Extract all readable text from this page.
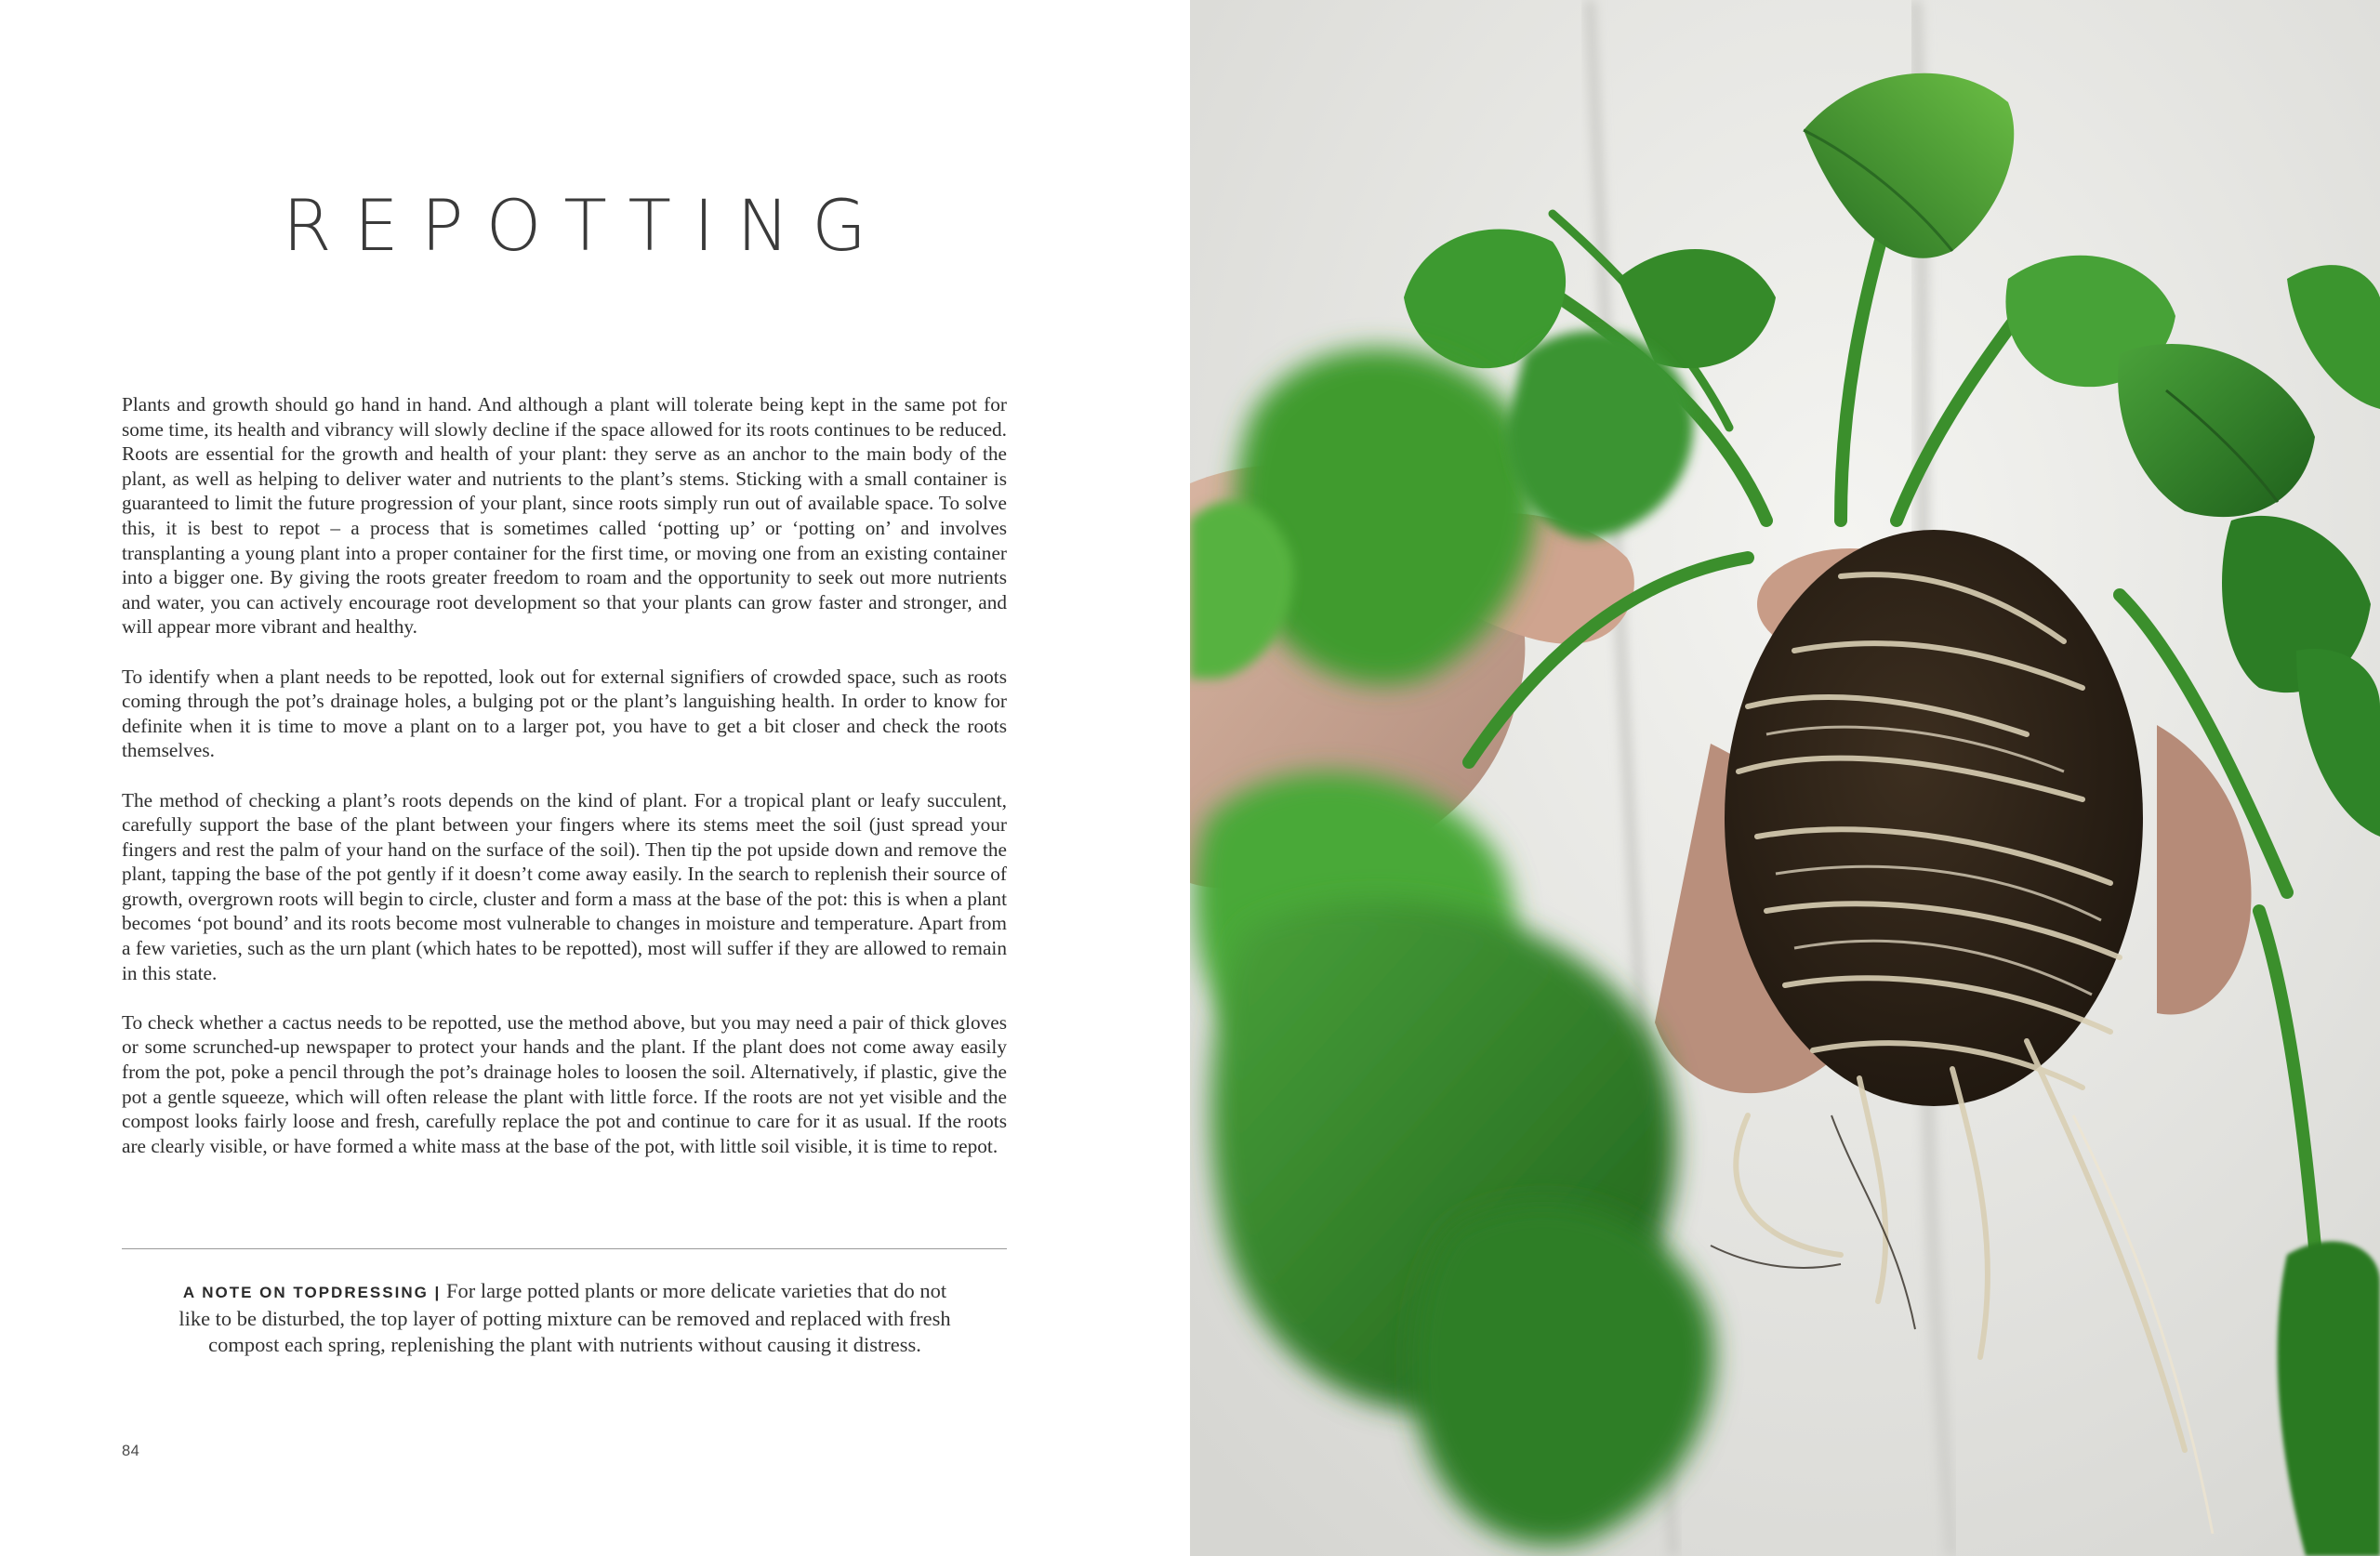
REPOTTING

Plants and growth should go hand in hand. And although a plant will tolerate being kept in the same pot for some time, its health and vibrancy will slowly decline if the space allowed for its roots continues to be reduced. Roots are essential for the growth and health of your plant: they serve as an anchor to the main body of the plant, as well as helping to deliver water and nutrients to the plant’s stems. Sticking with a small container is guaranteed to limit the future progression of your plant, since roots simply run out of available space. To solve this, it is best to repot – a process that is sometimes called ‘potting up’ or ‘potting on’ and involves transplanting a young plant into a proper container for the first time, or moving one from an existing container into a bigger one. By giving the roots greater freedom to roam and the opportunity to seek out more nutrients and water, you can actively encourage root development so that your plants can grow faster and stronger, and will appear more vibrant and healthy.

To identify when a plant needs to be repotted, look out for external signifiers of crowded space, such as roots coming through the pot’s drainage holes, a bulging pot or the plant’s languishing health. In order to know for definite when it is time to move a plant on to a larger pot, you have to get a bit closer and check the roots themselves.

The method of checking a plant’s roots depends on the kind of plant. For a tropical plant or leafy succulent, carefully support the base of the plant between your fingers where its stems meet the soil (just spread your fingers and rest the palm of your hand on the surface of the soil). Then tip the pot upside down and remove the plant, tapping the base of the pot gently if it doesn’t come away easily. In the search to replenish their source of growth, overgrown roots will begin to circle, cluster and form a mass at the base of the pot: this is when a plant becomes ‘pot bound’ and its roots become most vulnerable to changes in moisture and temperature. Apart from a few varieties, such as the urn plant (which hates to be repotted), most will suffer if they are allowed to remain in this state.

To check whether a cactus needs to be repotted, use the method above, but you may need a pair of thick gloves or some scrunched-up newspaper to protect your hands and the plant. If the plant does not come away easily from the pot, poke a pencil through the pot’s drainage holes to loosen the soil. Alternatively, if plastic, give the pot a gentle squeeze, which will often release the plant with little force. If the roots are not yet visible and the compost looks fairly loose and fresh, carefully replace the pot and continue to care for it as usual. If the roots are clearly visible, or have formed a white mass at the base of the pot, with little soil visible, it is time to repot.

A NOTE ON TOPDRESSING | For large potted plants or more delicate varieties that do not like to be disturbed, the top layer of potting mixture can be removed and replaced with fresh compost each spring, replenishing the plant with nutrients without causing it distress.
84
